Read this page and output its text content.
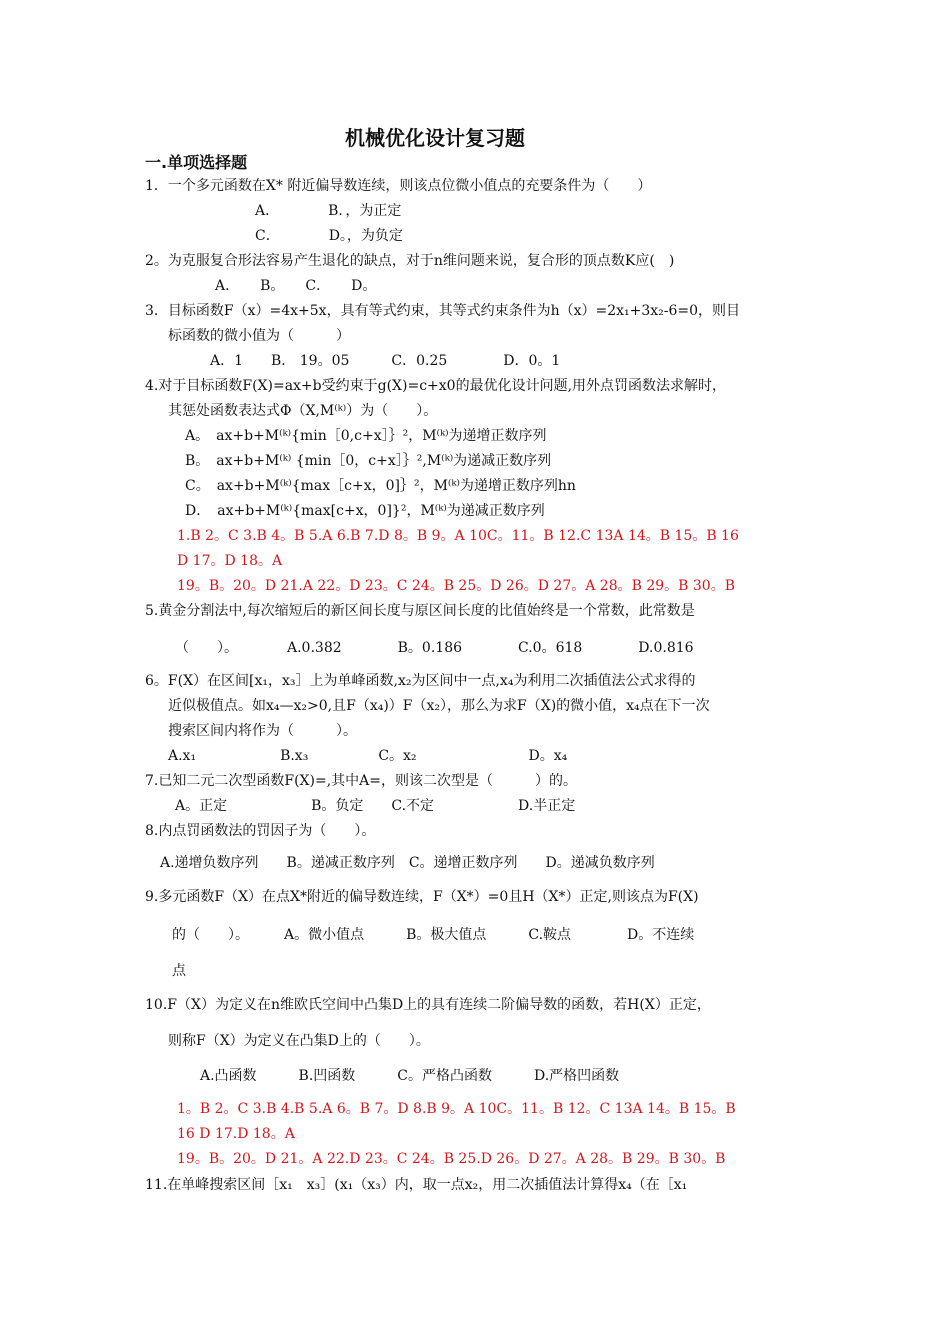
机械优化设计复习题
一.单项选择题
1．一个多元函数在X* 附近偏导数连续，则该点位微小值点的充要条件为（　　）
A．　　　　B．，为正定
C．　　　　D。，为负定
2。为克服复合形法容易产生退化的缺点，对于n维问题来说，复合形的顶点数K应(　)
A．　　B。　　C．　　D。
3．目标函数F（x）=4x+5x，具有等式约束，其等式约束条件为h（x）=2x₁+3x₂-6=0，则目
标函数的微小值为（　　　）
A．1　　B． 19。05　　　C．0.25　　　　D．0。1
4.对于目标函数F(X)=ax+b受约束于g(X)=c+x0的最优化设计问题,用外点罚函数法求解时，
其惩处函数表达式Φ（X,M⁽ᵏ⁾）为（　　）。
A。　ax+b+M⁽ᵏ⁾{min［0,c+x］｝²，M⁽ᵏ⁾为递增正数序列
B。　ax+b+M⁽ᵏ⁾ {min［0，c+x］｝²,M⁽ᵏ⁾为递减正数序列
C。　ax+b+M⁽ᵏ⁾{max［c+x，0]｝²，M⁽ᵏ⁾为递增正数序列hn
D．　ax+b+M⁽ᵏ⁾{max[c+x，0]}²，M⁽ᵏ⁾为递减正数序列
1.B 2。C 3.B 4。B 5.A 6.B 7.D 8。B 9。A 10C。11。B 12.C 13A 14。B 15。B 16
D 17。D 18。A
19。B。20。D 21.A 22。D 23。C 24。B 25。D 26。D 27。A 28。B 29。B 30。B
5.黄金分割法中,每次缩短后的新区间长度与原区间长度的比值始终是一个常数，此常数是
（　　）。　　　　A.0.382　　　　B。0.186　　　　C.0。618　　　　D.0.816
6。F(X）在区间[x₁，x₃］上为单峰函数,x₂为区间中一点,x₄为利用二次插值法公式求得的
近似极值点。如x₄—x₂>0,且F（x₄)）F（x₂），那么为求F（X)的微小值，x₄点在下一次
搜索区间内将作为（　　　）。
A.x₁　　　　　　B.x₃　　　　　C。x₂　　　　　　　　D。x₄
7.已知二元二次型函数F(X)=,其中A=，则该二次型是（　　　）的。
A。正定　　　　　　B。负定　　C.不定　　　　　　D.半正定
8.内点罚函数法的罚因子为（　　）。
A.递增负数序列　　B。递减正数序列　C。递增正数序列　　D。递减负数序列
9.多元函数F（X）在点X*附近的偏导数连续，F（X*）=0且H（X*）正定,则该点为F(X)
的（　　）。　　　A。微小值点　　　B。极大值点　　　C.鞍点　　　　D。不连续
点
10.F（X）为定义在n维欧氏空间中凸集D上的具有连续二阶偏导数的函数，若H(X）正定，
则称F（X）为定义在凸集D上的（　　）。
A.凸函数　　　B.凹函数　　　C。严格凸函数　　　D.严格凹函数
1。B 2。C 3.B 4.B 5.A 6。B 7。D 8.B 9。A 10C。11。B 12。C 13A 14。B 15。B
16 D 17.D 18。A
19。B。20。D 21。A 22.D 23。C 24。B 25.D 26。D 27。A 28。B 29。B 30。B
11.在单峰搜索区间［x₁　x₃］(x₁（x₃）内，取一点x₂，用二次插值法计算得x₄（在［x₁
